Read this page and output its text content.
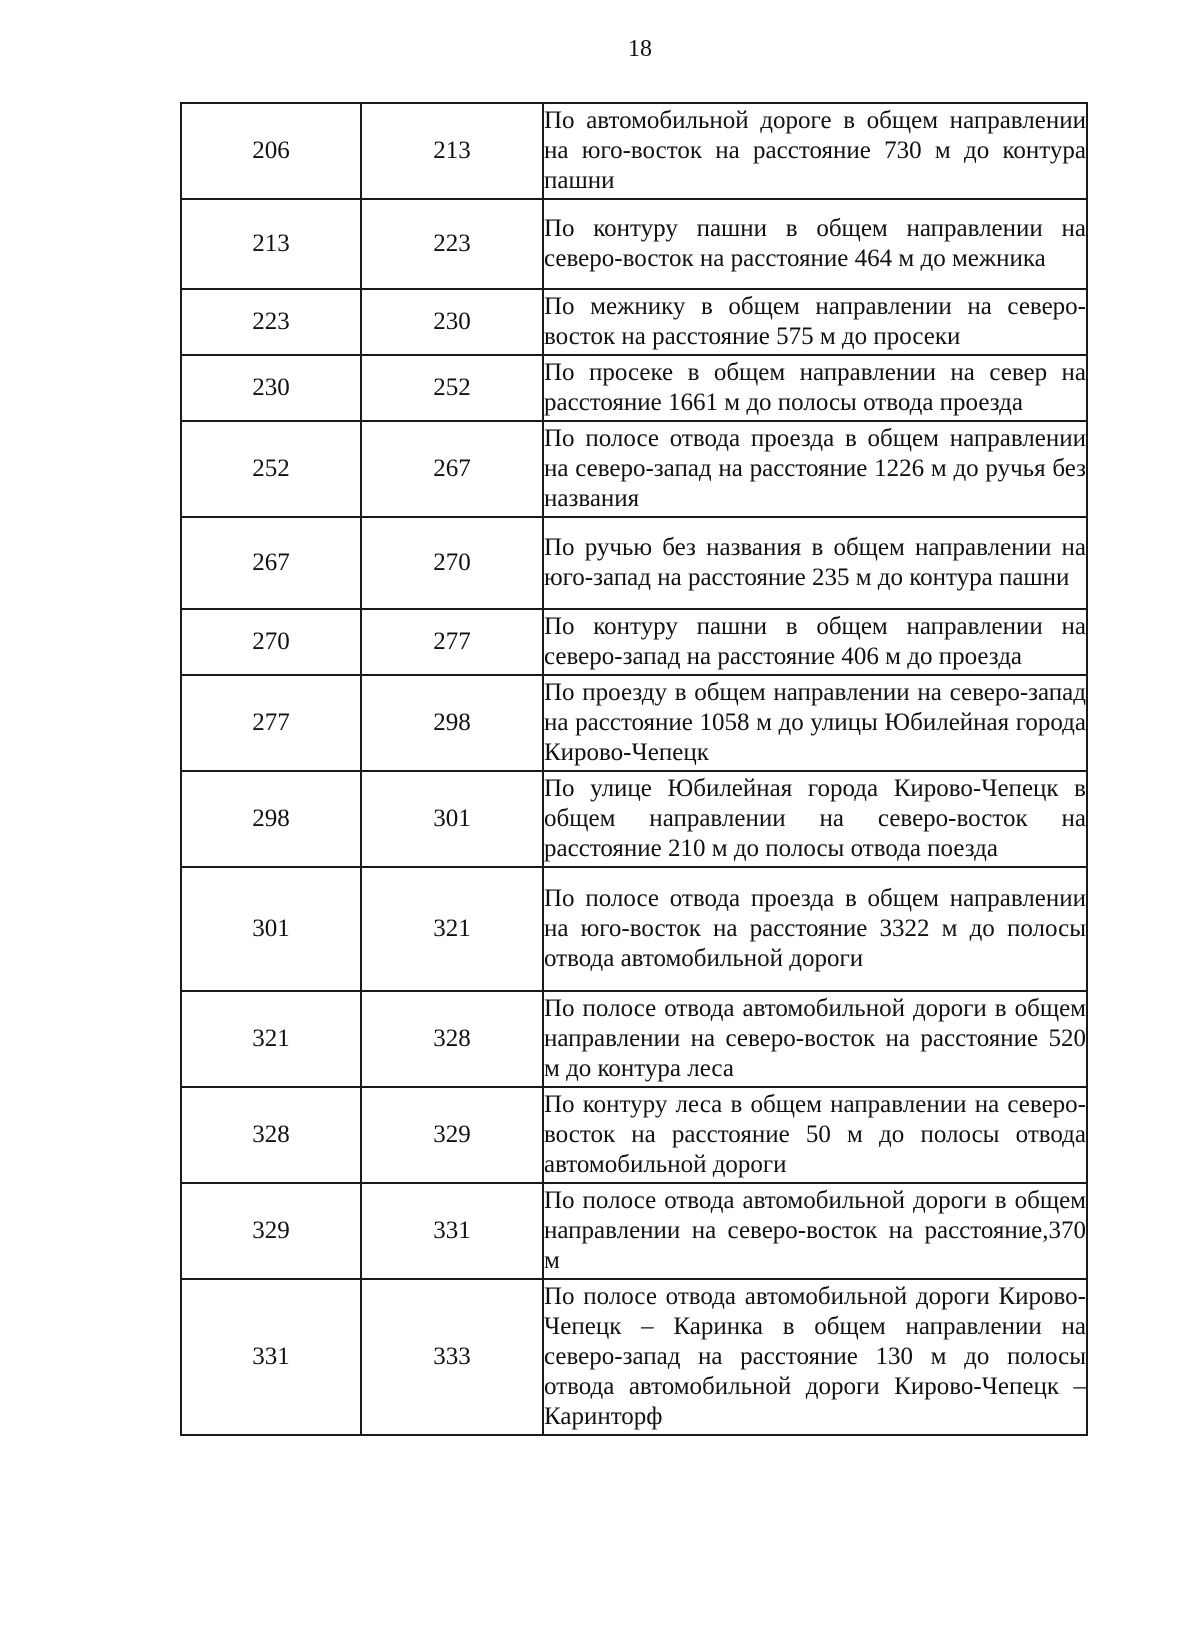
18
206	213	По автомобильной дороге в общем направлении на юго-восток на расстояние 730 м до контура пашни
213	223	По контуру пашни в общем направлении на северо-восток на расстояние 464 м до межника
223	230	По межнику в общем направлении на северо-восток на расстояние 575 м до просеки
230	252	По просеке в общем направлении на север на расстояние 1661 м до полосы отвода проезда
252	267	По полосе отвода проезда в общем направлении на северо-запад на расстояние 1226 м до ручья без названия
267	270	По ручью без названия в общем направлении на юго-запад на расстояние 235 м до контура пашни
270	277	По контуру пашни в общем направлении на северо-запад на расстояние 406 м до проезда
277	298	По проезду в общем направлении на северо-запад на расстояние 1058 м до улицы Юбилейная города Кирово-Чепецк
298	301	По улице Юбилейная города Кирово-Чепецк в общем направлении на северо-восток на расстояние 210 м до полосы отвода поезда
301	321	По полосе отвода проезда в общем направлении на юго-восток на расстояние 3322 м до полосы отвода автомобильной дороги
321	328	По полосе отвода автомобильной дороги в общем направлении на северо-восток на расстояние 520 м до контура леса
328	329	По контуру леса в общем направлении на северо-восток на расстояние 50 м до полосы отвода автомобильной дороги
329	331	По полосе отвода автомобильной дороги в общем направлении на северо-восток на расстояние,370 м
331	333	По полосе отвода автомобильной дороги Кирово-Чепецк – Каринка в общем направлении на северо-запад на расстояние 130 м до полосы отвода автомобильной дороги Кирово-Чепецк – Каринторф
